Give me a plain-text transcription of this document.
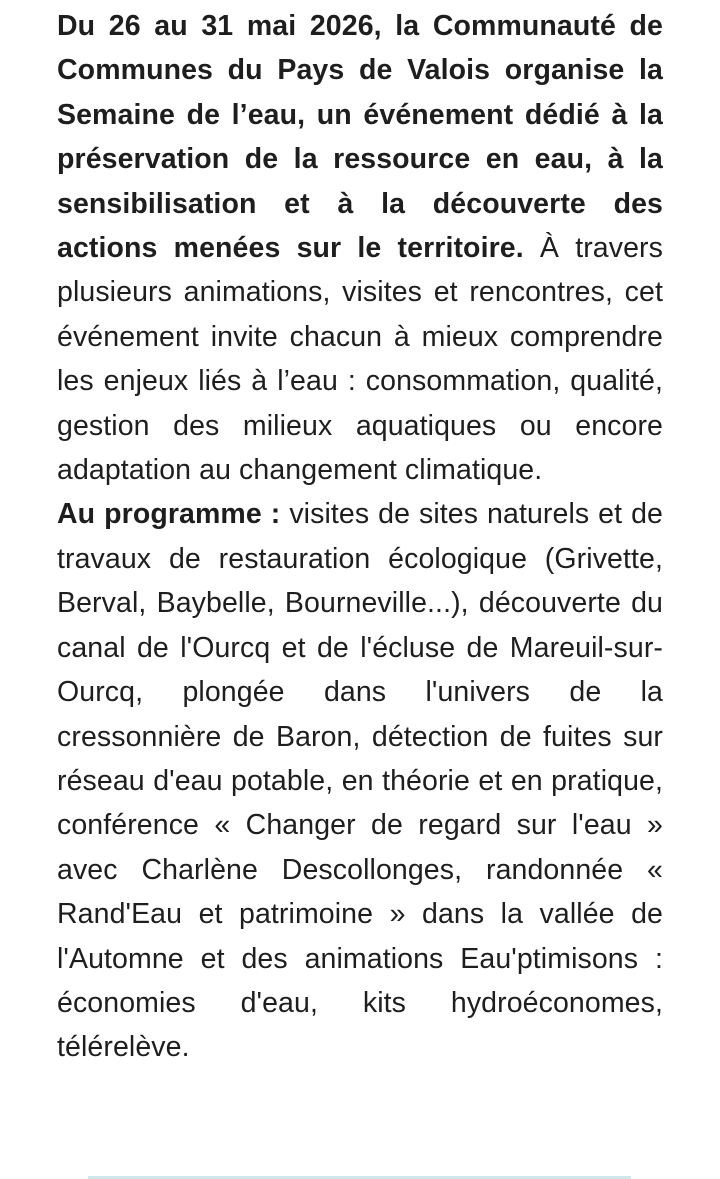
Du 26 au 31 mai 2026, la Communauté de Communes du Pays de Valois organise la Semaine de l’eau, un événement dédié à la préservation de la ressource en eau, à la sensibilisation et à la découverte des actions menées sur le territoire. À travers plusieurs animations, visites et rencontres, cet événement invite chacun à mieux comprendre les enjeux liés à l’eau : consommation, qualité, gestion des milieux aquatiques ou encore adaptation au changement climatique.

Au programme : visites de sites naturels et de travaux de restauration écologique (Grivette, Berval, Baybelle, Bourneville...), découverte du canal de l'Ourcq et de l'écluse de Mareuil-sur-Ourcq, plongée dans l'univers de la cressonnière de Baron, détection de fuites sur réseau d'eau potable, en théorie et en pratique, conférence « Changer de regard sur l'eau » avec Charlène Descollonges, randonnée « Rand'Eau et patrimoine » dans la vallée de l'Automne et des animations Eau'ptimisons : économies d'eau, kits hydroéconomes, télérelève.
